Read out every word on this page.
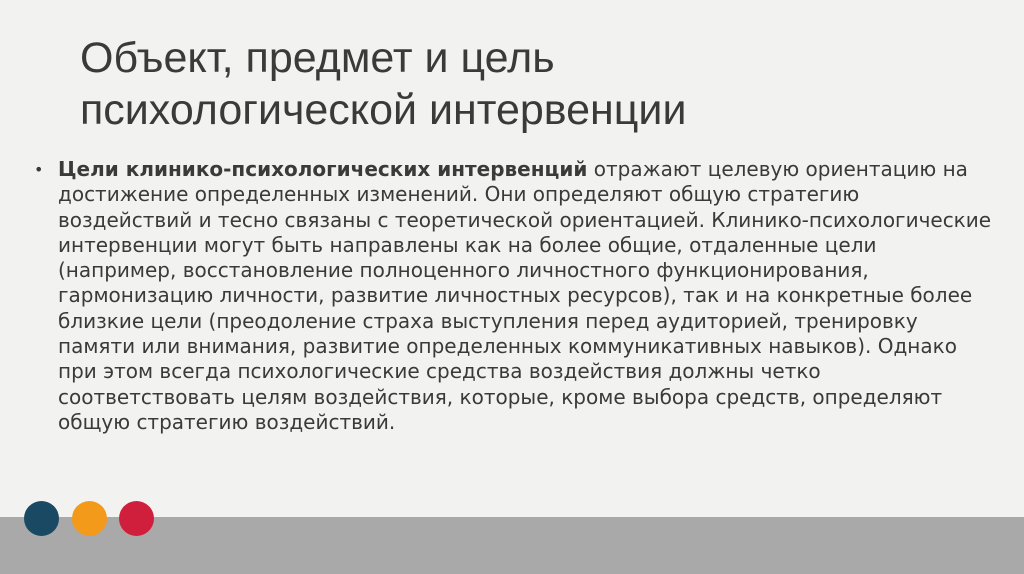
Объект, предмет и цель
психологической интервенции
• Цели клинико-психологических интервенций отражают целевую ориентацию на достижение определенных изменений. Они определяют общую стратегию воздействий и тесно связаны с теоретической ориентацией. Клинико-психологические интервенции могут быть направлены как на более общие, отдаленные цели (например, восстановление полноценного личностного функционирования, гармонизацию личности, развитие личностных ресурсов), так и на конкретные более близкие цели (преодоление страха выступления перед аудиторией, тренировку памяти или внимания, развитие определенных коммуникативных навыков). Однако при этом всегда психологические средства воздействия должны четко соответствовать целям воздействия, которые, кроме выбора средств, определяют общую стратегию воздействий.
